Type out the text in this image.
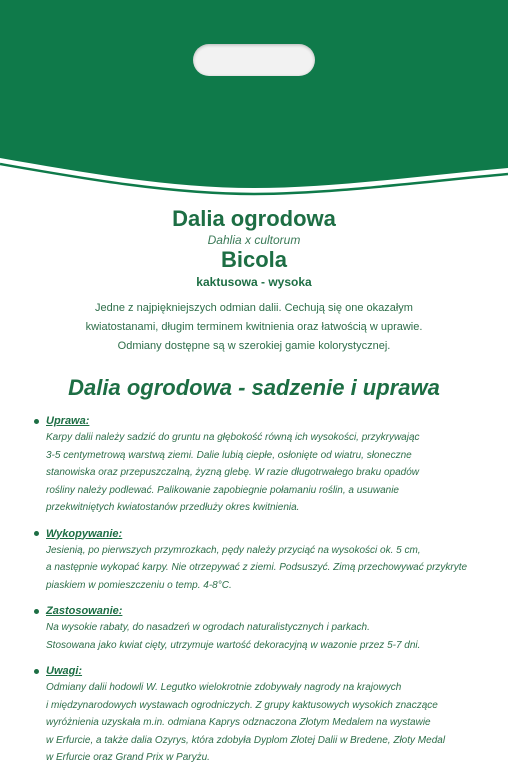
Dalia ogrodowa

Dahlia x cultorum

Bicola

kaktusowa - wysoka

Jedne z najpiękniejszych odmian dalii. Cechują się one okazałym
kwiatostanami, długim terminem kwitnienia oraz łatwością w uprawie.
Odmiany dostępne są w szerokiej gamie kolorystycznej.
Dalia ogrodowa - sadzenie i uprawa
Uprawa:
Karpy dalii należy sadzić do gruntu na głębokość równą ich wysokości, przykrywając
3-5 centymetrową warstwą ziemi. Dalie lubią ciepłe, osłonięte od wiatru, słoneczne
stanowiska oraz przepuszczalną, żyzną glebę. W razie długotrwałego braku opadów
rośliny należy podlewać. Palikowanie zapobiegnie połamaniu roślin, a usuwanie
przekwitniętych kwiatostanów przedłuży okres kwitnienia.
Wykopywanie:
Jesienią, po pierwszych przymrozkach, pędy należy przyciąć na wysokości ok. 5 cm,
a następnie wykopać karpy. Nie otrzepywać z ziemi. Podsuszyć. Zimą przechowywać przykryte
piaskiem w pomieszczeniu o temp. 4-8°C.
Zastosowanie:
Na wysokie rabaty, do nasadzeń w ogrodach naturalistycznych i parkach.
Stosowana jako kwiat cięty, utrzymuje wartość dekoracyjną w wazonie przez 5-7 dni.
Uwagi:
Odmiany dalii hodowli W. Legutko wielokrotnie zdobywały nagrody na krajowych
i międzynarodowych wystawach ogrodniczych. Z grupy kaktusowych wysokich znaczące
wyróżnienia uzyskała m.in. odmiana Kaprys odznaczona Złotym Medalem na wystawie
w Erfurcie, a także dalia Ozyrys, która zdobyła Dyplom Złotej Dalii w Bredene, Złoty Medal
w Erfurcie oraz Grand Prix w Paryżu.
